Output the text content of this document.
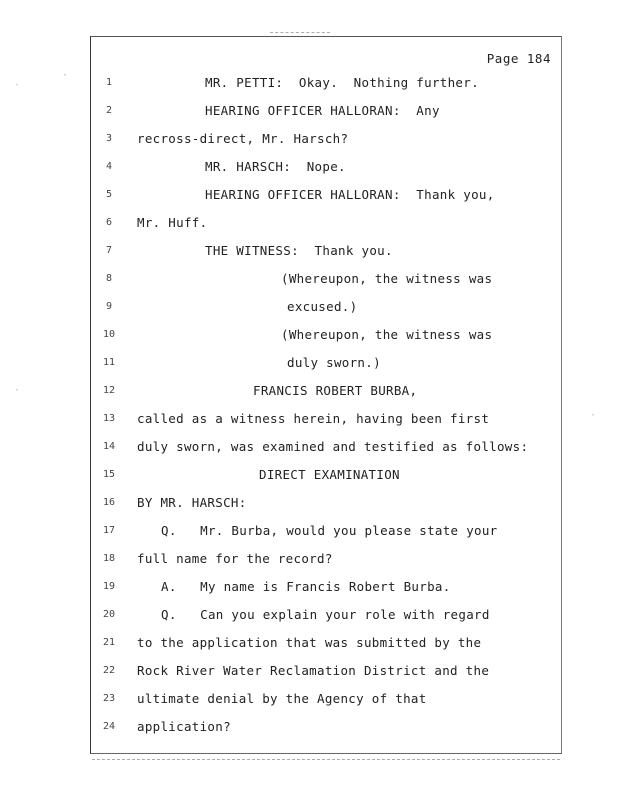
Page 184
1	MR. PETTI:  Okay.  Nothing further.
2	HEARING OFFICER HALLORAN:  Any
3	recross-direct, Mr. Harsch?
4	MR. HARSCH:  Nope.
5	HEARING OFFICER HALLORAN:  Thank you,
6	Mr. Huff.
7	THE WITNESS:  Thank you.
8	(Whereupon, the witness was
9	excused.)
10	(Whereupon, the witness was
11	duly sworn.)
12	FRANCIS ROBERT BURBA,
13	called as a witness herein, having been first
14	duly sworn, was examined and testified as follows:
15	DIRECT EXAMINATION
16	BY MR. HARSCH:
17	Q.   Mr. Burba, would you please state your
18	full name for the record?
19	A.   My name is Francis Robert Burba.
20	Q.   Can you explain your role with regard
21	to the application that was submitted by the
22	Rock River Water Reclamation District and the
23	ultimate denial by the Agency of that
24	application?
·
·
·
·
